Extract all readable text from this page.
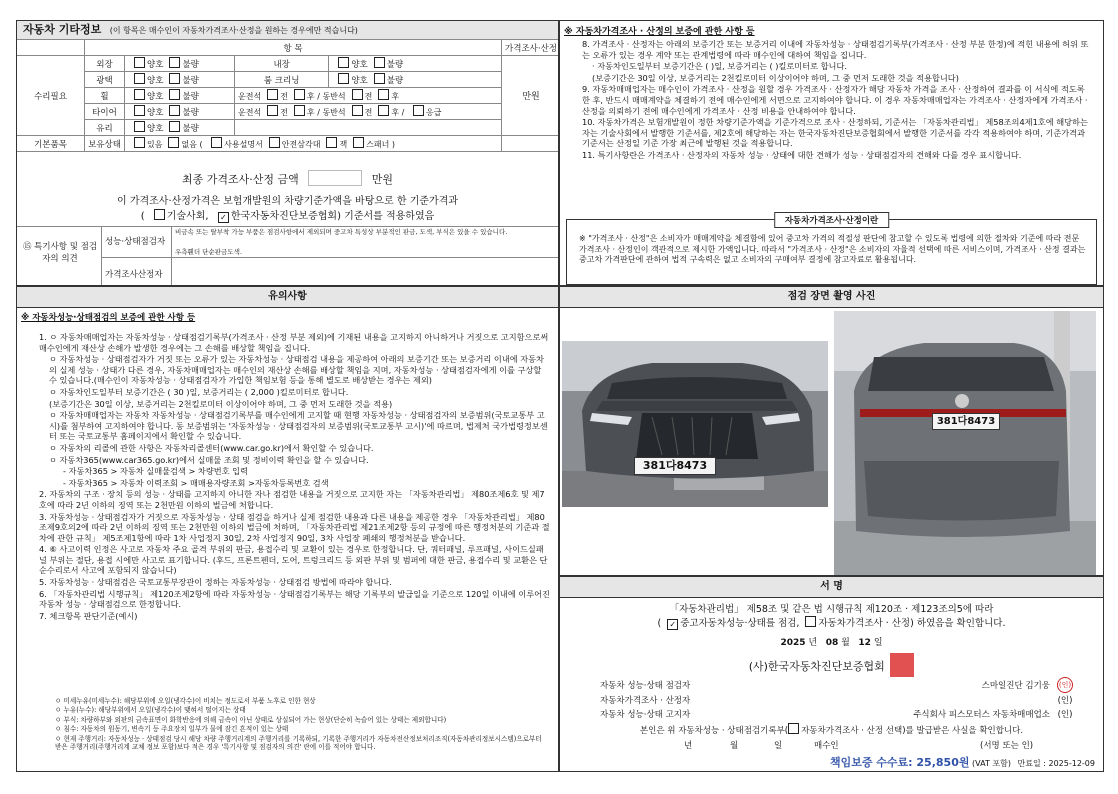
자동차 기타정보 (이 항목은 매수인이 자동차가격조사·산정을 원하는 경우에만 적습니다)
	항 목				가격조사·산정
수리필요	외장	양호 불량	내장	양호 불량	만원
	광택	양호 불량	룸 크리닝	양호 불량	
	휠	양호 불량	운전석 전 후 / 동반석 전 후		
	타이어	양호 불량	운전석 전 후 / 동반석 전 후 / 응급		
	유리	양호 불량			
기본품목	보유상태	있음 없음 ( 사용설명서 안전삼각대 잭 스패너 )			
최종 가격조사·산정 금액	만원
이 가격조사·산정가격은 보험개발원의 차량기준가액을 바탕으로 한 기준가격과
( 기술사회, ✓ 한국자동차진단보증협회) 기준서를 적용하였음
⑮ 특기사항 및 점검자의 의견
성능·상태점검자
비금속 또는 탈부착 가능 부품은 점검사항에서 제외되며 중고차 특성상 부분적인 판금, 도색, 부식은 있을 수 있습니다.
우측휀더 단순판금도색.
가격조사산정자
※ 자동차가격조사 · 산정의 보증에 관한 사항 등
8. 가격조사 · 산정자는 아래의 보증기간 또는 보증거리 이내에 자동차성능 · 상태점검기록부(가격조사 · 산정 부분 한정)에 적힌 내용에 허위 또는 오류가 있는 경우 계약 또는 관계법령에 따라 매수인에 대하여 책임을 집니다.
· 자동차인도일부터 보증기간은 ( )일, 보증거리는 ( )킬로미터로 합니다.
(보증기간은 30일 이상, 보증거리는 2천킬로미터 이상이어야 하며, 그 중 먼저 도래한 것을 적용합니다)
9. 자동차매매업자는 매수인이 가격조사 · 산정을 원할 경우 가격조사 · 산정자가 해당 자동차 가격을 조사 · 산정하여 결과를 이 서식에 적도록 한 후, 반드시 매매계약을 체결하기 전에 매수인에게 서면으로 고지하여야 합니다. 이 경우 자동차매매업자는 가격조사 · 산정자에게 가격조사 · 산정을 의뢰하기 전에 매수인에게 가격조사 · 산정 비용을 안내하여야 합니다.
10. 자동차가격은 보험개발원이 정한 차량기준가액을 기준가격으로 조사 · 산정하되, 기준서는 「자동차관리법」 제58조의4제1호에 해당하는 자는 기술사회에서 발행한 기준서를, 제2호에 해당하는 자는 한국자동차진단보증협회에서 발행한 기준서를 각각 적용하여야 하며, 기준가격과 기준서는 산정일 기준 가장 최근에 발행된 것을 적용합니다.
11. 특기사항란은 가격조사 · 산정자의 자동차 성능 · 상태에 대한 견해가 성능 · 상태점검자의 견해와 다를 경우 표시합니다.
자동차가격조사·산정이란
※ "가격조사 · 산정"은 소비자가 매매계약을 체결함에 있어 중고차 가격의 적절성 판단에 참고할 수 있도록 법령에 의한 절차와 기준에 따라 전문 가격조사 · 산정인이 객관적으로 제시한 가액입니다. 따라서 "가격조사 · 산정"은 소비자의 자율적 선택에 따른 서비스이며, 가격조사 · 산정 결과는 중고차 가격판단에 관하여 법적 구속력은 없고 소비자의 구매여부 결정에 참고자료로 활용됩니다.
유의사항
※ 자동차성능·상태점검의 보증에 관한 사항 등
1. ㅇ 자동차매매업자는 자동차성능 · 상태점검기록부(가격조사 · 산정 부분 제외)에 기재된 내용을 고지하지 아니하거나 거짓으로 고지함으로써 매수인에게 재산상 손해가 발생한 경우에는 그 손해를 배상할 책임을 집니다.
ㅇ 자동차성능 · 상태점검자가 거짓 또는 오류가 있는 자동차성능 · 상태점검 내용을 제공하여 아래의 보증기간 또는 보증거리 이내에 자동차의 실제 성능 · 상태가 다른 경우, 자동차매매업자는 매수인의 재산상 손해를 배상할 책임을 지며, 자동차성능 · 상태점검자에게 이를 구상할 수 있습니다.(매수인이 자동차성능 · 상태점검자가 가입한 책임보험 등을 통해 별도로 배상받는 경우는 제외)
ㅇ 자동차인도일부터 보증기간은 ( 30 )일, 보증거리는 ( 2,000 )킬로미터로 합니다.
(보증기간은 30일 이상, 보증거리는 2천킬로미터 이상이어야 하며, 그 중 먼저 도래한 것을 적용)
ㅇ 자동차매매업자는 자동차 자동차성능 · 상태점검기록부를 매수인에게 고지할 때 현행 자동차성능 · 상태점검자의 보증범위(국토교통부 고시)를 첨부하여 고지하여야 합니다. 동 보증범위는 '자동차성능 · 상태점검자의 보증범위(국토교통부 고시)'에 따르며, 법제처 국가법령정보센터 또는 국토교통부 홈페이지에서 확인할 수 있습니다.
ㅇ 자동차의 리콜에 관한 사항은 자동차리콜센터(www.car.go.kr)에서 확인할 수 있습니다.
ㅇ 자동차365(www.car365.go.kr)에서 실매물 조회 및 정비이력 확인을 할 수 있습니다.
- 자동차365 > 자동차 실매물검색 > 차량번호 입력
- 자동차365 > 자동차 이력조회 > 매매용자량조회 >자동차등록번호 검색
2. 자동차의 구조 · 장치 등의 성능 · 상태를 고지하지 아니한 자나 점검한 내용을 거짓으로 고지한 자는 「자동차관리법」 제80조제6호 및 제7호에 따라 2년 이하의 징역 또는 2천만원 이하의 벌금에 처합니다.
3. 자동차성능 · 상태점검자가 거짓으로 자동차성능 · 상태 점검을 하거나 실제 점검한 내용과 다른 내용을 제공한 경우 「자동차관리법」 제80조제9호의2에 따라 2년 이하의 징역 또는 2천만원 이하의 벌금에 처하며, 「자동차관리법 제21조제2항 등의 규정에 따른 행정처분의 기준과 절차에 관한 규칙」 제5조제1항에 따라 1차 사업정지 30일, 2차 사업정지 90일, 3차 사업장 폐쇄의 행정처분을 받습니다.
4. ⑥ 사고이력 인정은 사고로 자동차 주요 골격 부위의 판금, 용접수리 및 교환이 있는 경우로 한정합니다. 단, 쿼터패널, 루프패널, 사이드실패널 부위는 절단, 용접 시에만 사고로 표기합니다. (후드, 프론트펜더, 도어, 트렁크리드 등 외판 부위 및 범퍼에 대한 판금, 용접수리 및 교환은 단순수리로서 사고에 포함되지 않습니다)
5. 자동차성능 · 상태점검은 국토교통부장관이 정하는 자동차성능 · 상태점검 방법에 따라야 합니다.
6. 「자동차관리법 시행규칙」 제120조제2항에 따라 자동차성능 · 상태점검기록부는 해당 기록부의 발급일을 기준으로 120일 이내에 이루어진 자동차 성능 · 상태점검으로 한정합니다.
7. 체크항목 판단기준(예시)
ㅇ 미세누유(미세누수): 해당부위에 오일(냉각수)이 비치는 정도로서 부품 노후로 인한 현상
ㅇ 누유(누수): 해당부위에서 오일(냉각수)이 맺혀서 떨어지는 상태
ㅇ 부식: 차량하부와 외판의 금속표면이 화학반응에 의해 금속이 아닌 상태로 상실되어 가는 현상(단순히 녹슬어 있는 상태는 제외합니다)
ㅇ 침수: 자동차의 원동기, 변속기 등 주요장치 일부가 물에 잠긴 흔적이 있는 상태
ㅇ 현재 주행거리: 자동차성능 · 상태점검 당시 해당 차량 주행거리계의 주행거리를 기록하되, 기록한 주행거리가 자동차전산정보처리조직(자동차관리정보시스템)으로부터 받은 주행거리(주행거리계 교체 정보 포함)보다 적은 경우 '특기사항 및 점검자의 의견' 란에 이를 적어야 합니다.
점검 장면 촬영 사진
381다8473
381다8473
서 명
「자동차관리법」 제58조 및 같은 법 시행규칙 제120조 · 제123조의5에 따라
( ✓ 중고자동차성능·상태를 점검, 자동차가격조사 · 산정) 하였음을 확인합니다.
2025 년 08 월 12 일
(사)한국자동차진단보증협회
자동차 성능·상태 점검자	스마일진단 김기웅	(인)
자동차가격조사 · 산정자		(인)
자동차 성능·상태 고지자	주식회사 피스모터스 자동차매매업소	(인)
본인은 위 자동차성능 · 상태점검기록부( 자동차가격조사 · 산정 선택)를 발급받은 사실을 확인합니다.
년	월	일	매수인	(서명 또는 인)
책임보증 수수료: 25,850원 (VAT 포함) 만료일 : 2025-12-09
